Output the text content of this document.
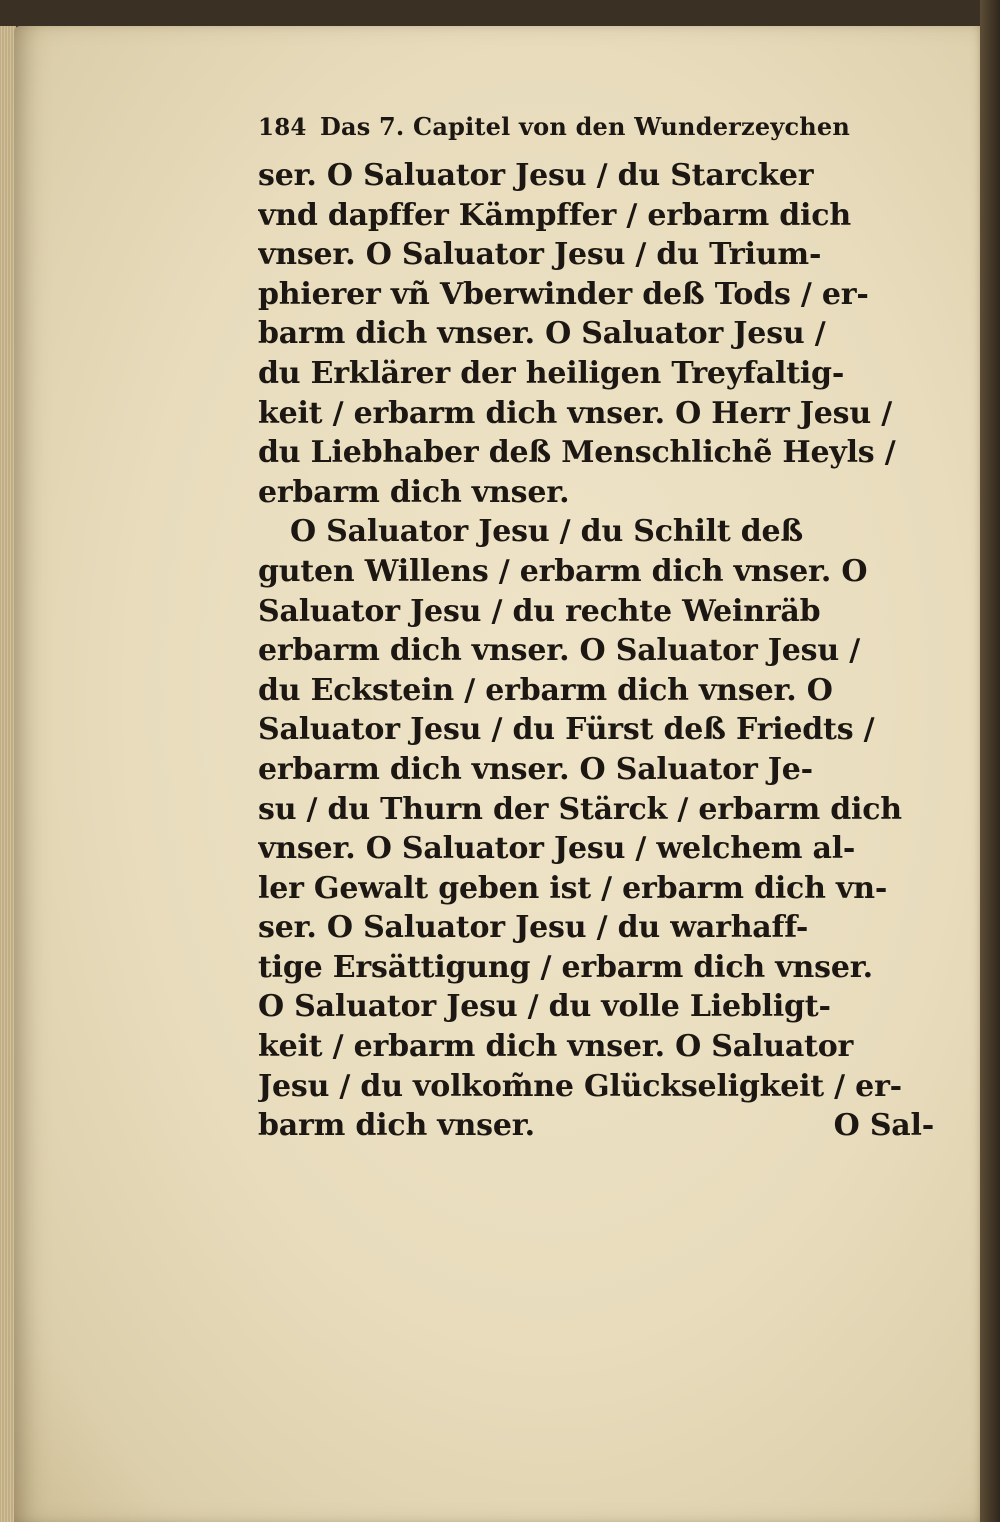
184 Das 7. Capitel von den Wunderzeychen
ser. O Saluator Jesu / du Starcker
vnd dapffer Kämpffer / erbarm dich
vnser. O Saluator Jesu / du Trium-
phierer vñ Vberwinder deß Tods / er-
barm dich vnser. O Saluator Jesu /
du Erklärer der heiligen Treyfaltig-
keit / erbarm dich vnser. O Herr Jesu /
du Liebhaber deß Menschlichẽ Heyls /
erbarm dich vnser.
O Saluator Jesu / du Schilt deß
guten Willens / erbarm dich vnser. O
Saluator Jesu / du rechte Weinräb
erbarm dich vnser. O Saluator Jesu /
du Eckstein / erbarm dich vnser. O
Saluator Jesu / du Fürst deß Friedts /
erbarm dich vnser. O Saluator Je-
su / du Thurn der Stärck / erbarm dich
vnser. O Saluator Jesu / welchem al-
ler Gewalt geben ist / erbarm dich vn-
ser. O Saluator Jesu / du warhaff-
tige Ersättigung / erbarm dich vnser.
O Saluator Jesu / du volle Liebligt-
keit / erbarm dich vnser. O Saluator
Jesu / du volkom̃ne Glückseligkeit / er-
barm dich vnser.	O Sal-
